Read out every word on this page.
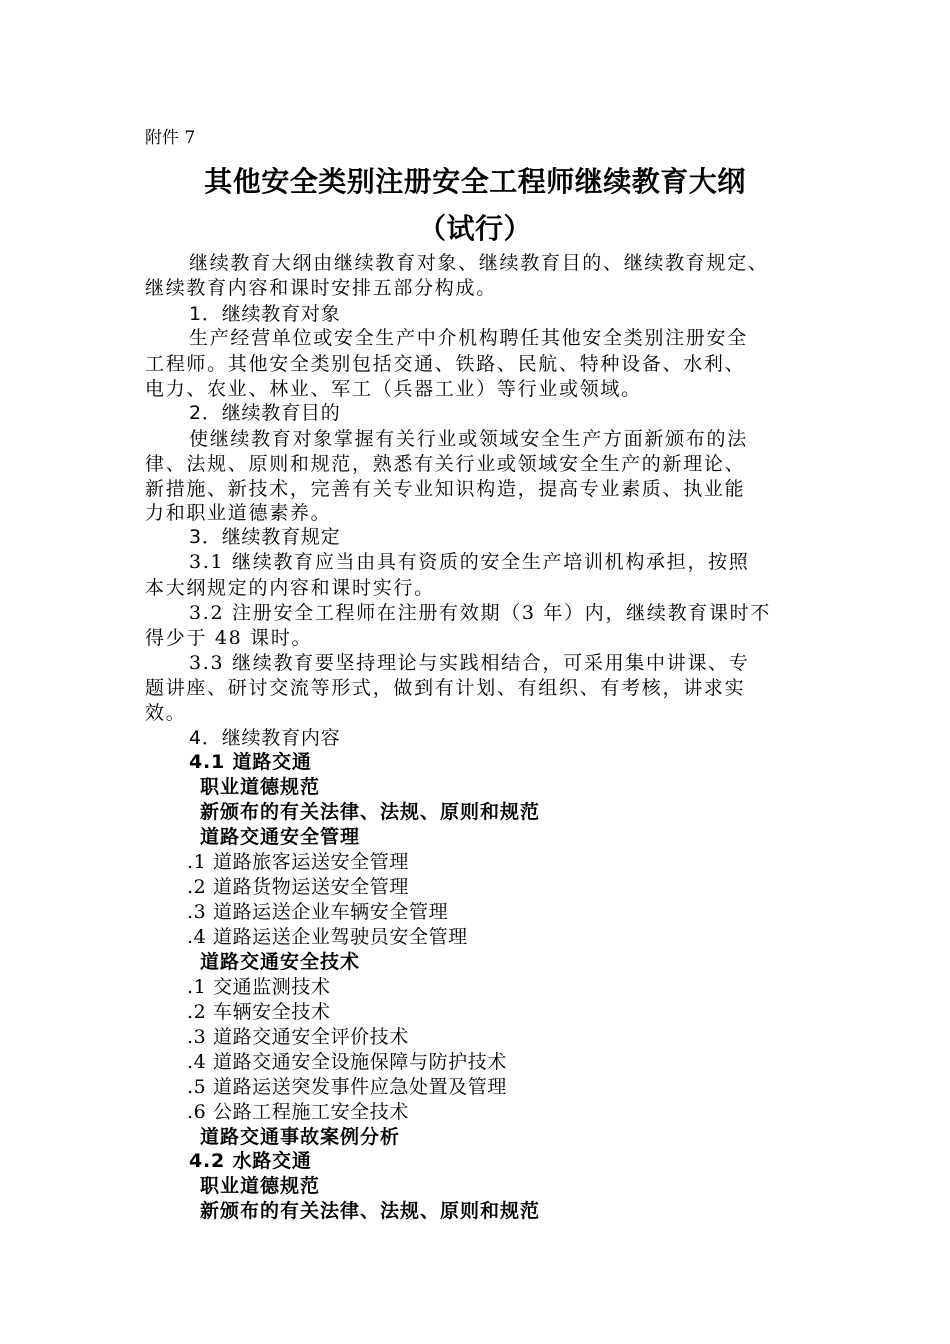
附件 7

其他安全类别注册安全工程师继续教育大纲
（试行）

继续教育大纲由继续教育对象、继续教育目的、继续教育规定、

继续教育内容和课时安排五部分构成。

1．继续教育对象

生产经营单位或安全生产中介机构聘任其他安全类别注册安全

工程师。其他安全类别包括交通、铁路、民航、特种设备、水利、

电力、农业、林业、军工（兵器工业）等行业或领域。

2．继续教育目的

使继续教育对象掌握有关行业或领域安全生产方面新颁布的法

律、法规、原则和规范，熟悉有关行业或领域安全生产的新理论、

新措施、新技术，完善有关专业知识构造，提高专业素质、执业能

力和职业道德素养。

3．继续教育规定

3.1 继续教育应当由具有资质的安全生产培训机构承担，按照

本大纲规定的内容和课时实行。

3.2 注册安全工程师在注册有效期（3 年）内，继续教育课时不

得少于 48 课时。

3.3 继续教育要坚持理论与实践相结合，可采用集中讲课、专

题讲座、研讨交流等形式，做到有计划、有组织、有考核，讲求实

效。

4．继续教育内容

4.1 道路交通

职业道德规范

新颁布的有关法律、法规、原则和规范

道路交通安全管理

.1 道路旅客运送安全管理

.2 道路货物运送安全管理

.3 道路运送企业车辆安全管理

.4 道路运送企业驾驶员安全管理

道路交通安全技术

.1 交通监测技术

.2 车辆安全技术

.3 道路交通安全评价技术

.4 道路交通安全设施保障与防护技术

.5 道路运送突发事件应急处置及管理

.6 公路工程施工安全技术

道路交通事故案例分析

4.2 水路交通

职业道德规范

新颁布的有关法律、法规、原则和规范
